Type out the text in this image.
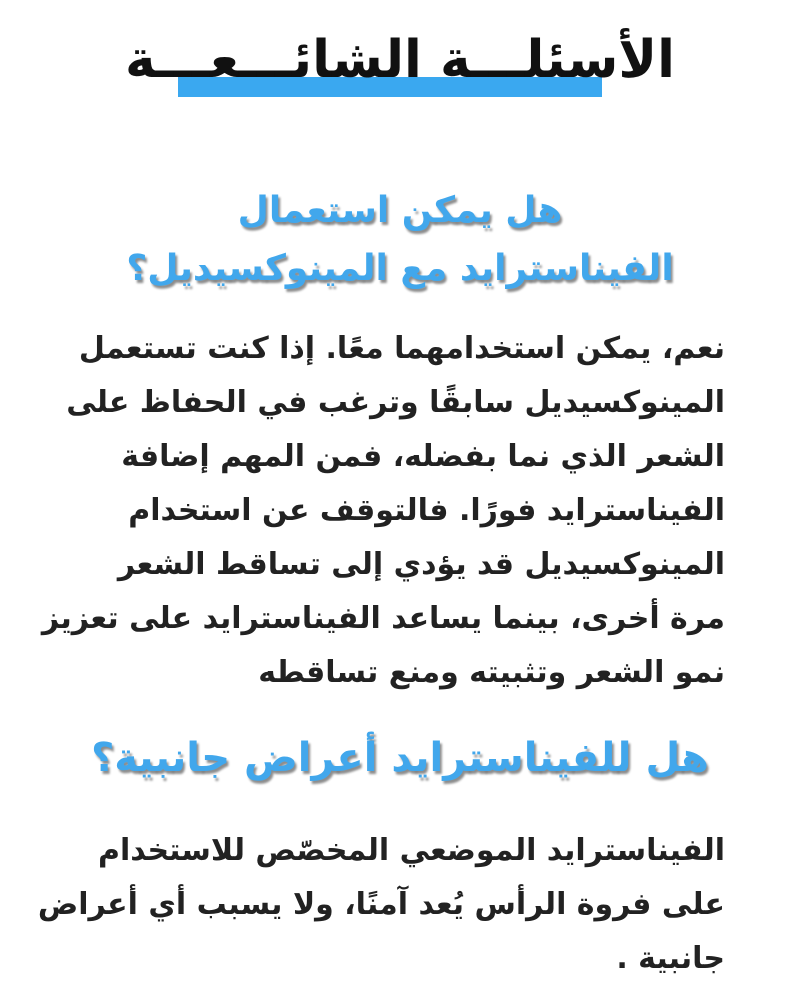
الأسئلـــة الشائـــعـــة
هل يمكن استعمال
الفيناسترايد مع المينوكسيديل؟
نعم، يمكن استخدامهما معًا. إذا كنت تستعمل
المينوكسيديل سابقًا وترغب في الحفاظ على
الشعر الذي نما بفضله، فمن المهم إضافة
الفيناسترايد فورًا. فالتوقف عن استخدام
المينوكسيديل قد يؤدي إلى تساقط الشعر
مرة أخرى، بينما يساعد الفيناسترايد على تعزيز
نمو الشعر وتثبيته ومنع تساقطه
هل للفيناسترايد أعراض جانبية؟
الفيناسترايد الموضعي المخصّص للاستخدام
على فروة الرأس يُعد آمنًا، ولا يسبب أي أعراض
جانبية .
